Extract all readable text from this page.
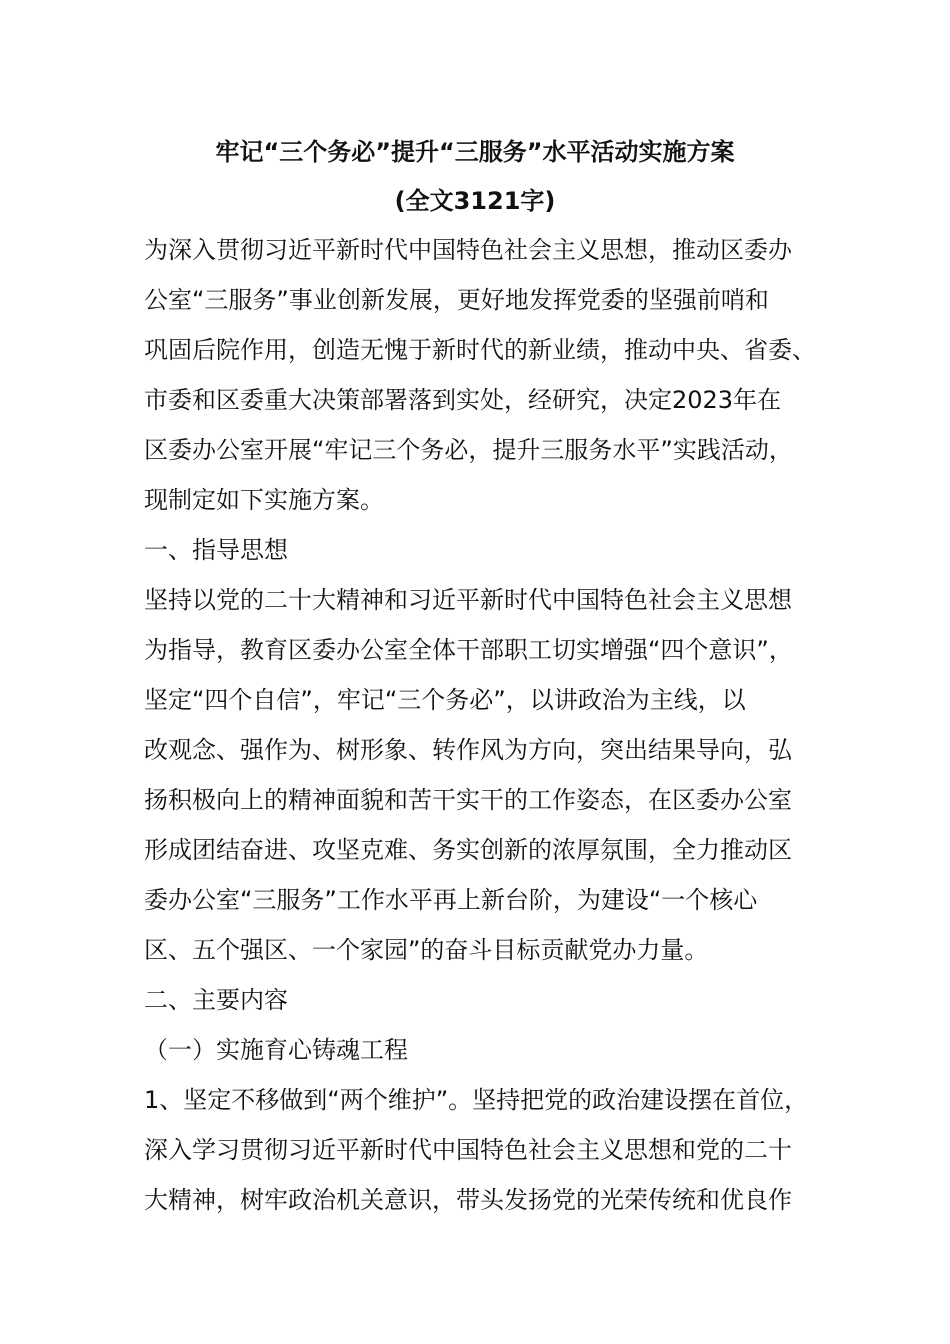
牢记“三个务必”提升“三服务”水平活动实施方案
(全文3121字)
为深入贯彻习近平新时代中国特色社会主义思想，推动区委办
公室“三服务”事业创新发展，更好地发挥党委的坚强前哨和
巩固后院作用，创造无愧于新时代的新业绩，推动中央、省委、
市委和区委重大决策部署落到实处，经研究，决定2023年在
区委办公室开展“牢记三个务必，提升三服务水平”实践活动，
现制定如下实施方案。
一、指导思想
坚持以党的二十大精神和习近平新时代中国特色社会主义思想
为指导，教育区委办公室全体干部职工切实增强“四个意识”，
坚定“四个自信”，牢记“三个务必”，以讲政治为主线，以
改观念、强作为、树形象、转作风为方向，突出结果导向，弘
扬积极向上的精神面貌和苦干实干的工作姿态，在区委办公室
形成团结奋进、攻坚克难、务实创新的浓厚氛围，全力推动区
委办公室“三服务”工作水平再上新台阶，为建设“一个核心
区、五个强区、一个家园”的奋斗目标贡献党办力量。
二、主要内容
（一）实施育心铸魂工程
1、坚定不移做到“两个维护”。坚持把党的政治建设摆在首位，
深入学习贯彻习近平新时代中国特色社会主义思想和党的二十
大精神，树牢政治机关意识，带头发扬党的光荣传统和优良作
